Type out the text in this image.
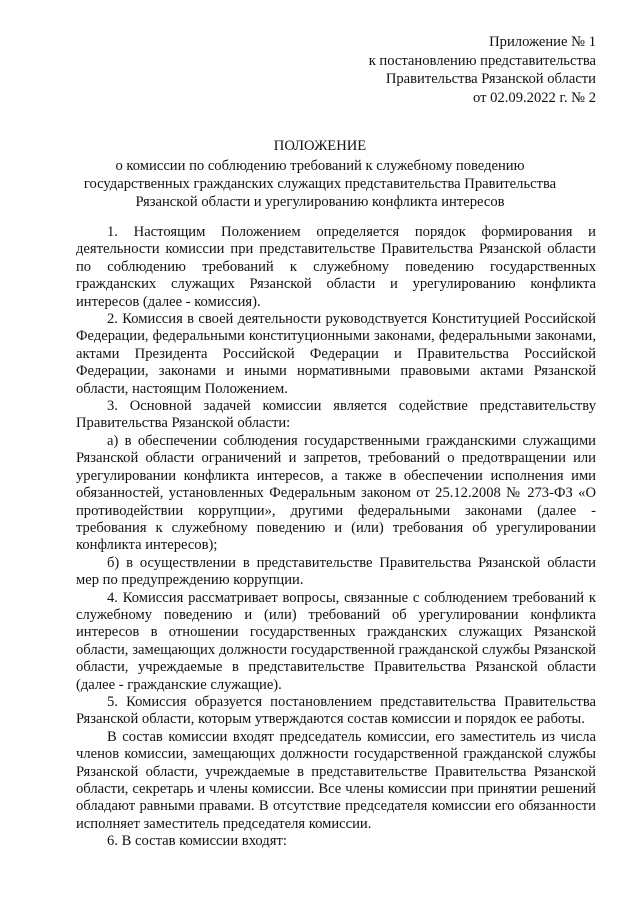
Приложение № 1
к постановлению представительства
Правительства Рязанской области
от 02.09.2022 г. № 2
ПОЛОЖЕНИЕ
о комиссии по соблюдению требований к служебному поведению
государственных гражданских служащих представительства Правительства
Рязанской области и урегулированию конфликта интересов

1. Настоящим Положением определяется порядок формирования и деятельности комиссии при представительстве Правительства Рязанской области по соблюдению требований к служебному поведению государственных гражданских служащих Рязанской области и урегулированию конфликта интересов (далее - комиссия).

2. Комиссия в своей деятельности руководствуется Конституцией Российской Федерации, федеральными конституционными законами, федеральными законами, актами Президента Российской Федерации и Правительства Российской Федерации, законами и иными нормативными правовыми актами Рязанской области, настоящим Положением.

3. Основной задачей комиссии является содействие представительству Правительства Рязанской области:

а) в обеспечении соблюдения государственными гражданскими служащими Рязанской области ограничений и запретов, требований о предотвращении или урегулировании конфликта интересов, а также в обеспечении исполнения ими обязанностей, установленных Федеральным законом от 25.12.2008 № 273-ФЗ «О противодействии коррупции», другими федеральными законами (далее - требования к служебному поведению и (или) требования об урегулировании конфликта интересов);

б) в осуществлении в представительстве Правительства Рязанской области мер по предупреждению коррупции.

4. Комиссия рассматривает вопросы, связанные с соблюдением требований к служебному поведению и (или) требований об урегулировании конфликта интересов в отношении государственных гражданских служащих Рязанской области, замещающих должности государственной гражданской службы Рязанской области, учреждаемые в представительстве Правительства Рязанской области (далее - гражданские служащие).

5. Комиссия образуется постановлением представительства Правительства Рязанской области, которым утверждаются состав комиссии и порядок ее работы.

В состав комиссии входят председатель комиссии, его заместитель из числа членов комиссии, замещающих должности государственной гражданской службы Рязанской области, учреждаемые в представительстве Правительства Рязанской области, секретарь и члены комиссии. Все члены комиссии при принятии решений обладают равными правами. В отсутствие председателя комиссии его обязанности исполняет заместитель председателя комиссии.

6. В состав комиссии входят:
